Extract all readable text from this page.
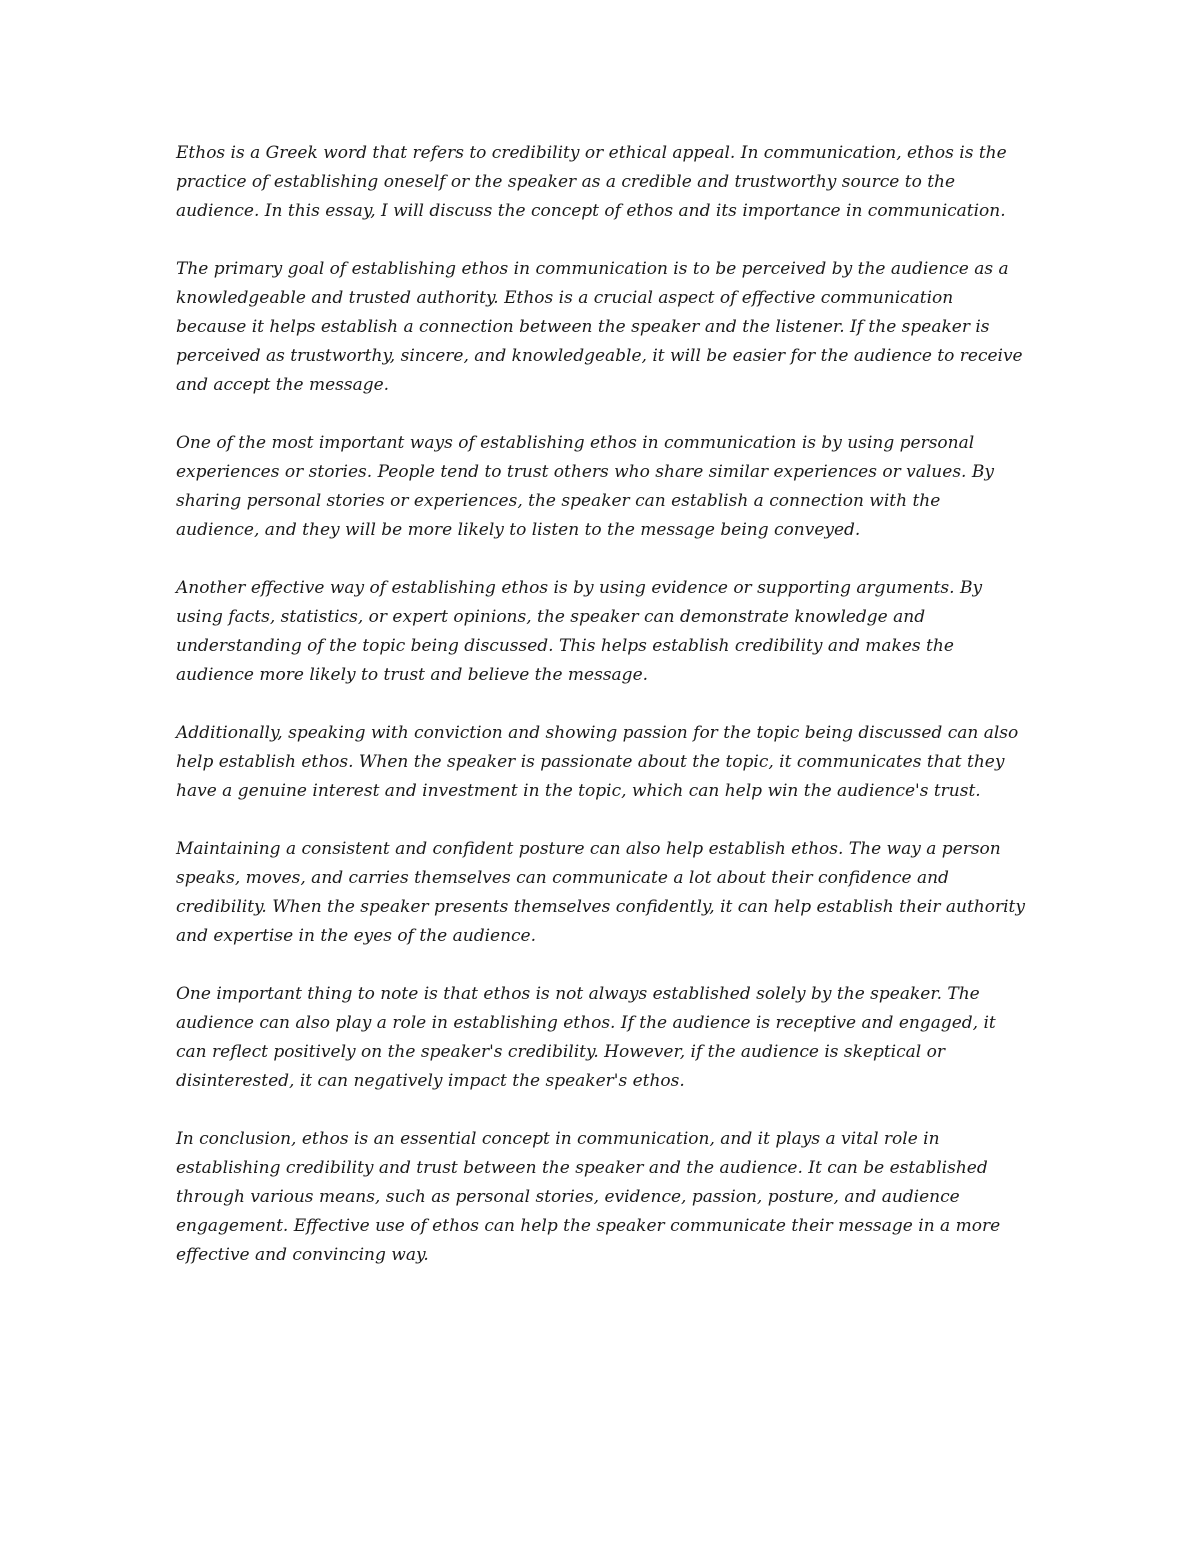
Ethos is a Greek word that refers to credibility or ethical appeal. In communication, ethos is the practice of establishing oneself or the speaker as a credible and trustworthy source to the audience. In this essay, I will discuss the concept of ethos and its importance in communication.

The primary goal of establishing ethos in communication is to be perceived by the audience as a knowledgeable and trusted authority. Ethos is a crucial aspect of effective communication because it helps establish a connection between the speaker and the listener. If the speaker is perceived as trustworthy, sincere, and knowledgeable, it will be easier for the audience to receive and accept the message.

One of the most important ways of establishing ethos in communication is by using personal experiences or stories. People tend to trust others who share similar experiences or values. By sharing personal stories or experiences, the speaker can establish a connection with the audience, and they will be more likely to listen to the message being conveyed.

Another effective way of establishing ethos is by using evidence or supporting arguments. By using facts, statistics, or expert opinions, the speaker can demonstrate knowledge and understanding of the topic being discussed. This helps establish credibility and makes the audience more likely to trust and believe the message.

Additionally, speaking with conviction and showing passion for the topic being discussed can also help establish ethos. When the speaker is passionate about the topic, it communicates that they have a genuine interest and investment in the topic, which can help win the audience's trust.

Maintaining a consistent and confident posture can also help establish ethos. The way a person speaks, moves, and carries themselves can communicate a lot about their confidence and credibility. When the speaker presents themselves confidently, it can help establish their authority and expertise in the eyes of the audience.

One important thing to note is that ethos is not always established solely by the speaker. The audience can also play a role in establishing ethos. If the audience is receptive and engaged, it can reflect positively on the speaker's credibility. However, if the audience is skeptical or disinterested, it can negatively impact the speaker's ethos.

In conclusion, ethos is an essential concept in communication, and it plays a vital role in establishing credibility and trust between the speaker and the audience. It can be established through various means, such as personal stories, evidence, passion, posture, and audience engagement. Effective use of ethos can help the speaker communicate their message in a more effective and convincing way.
